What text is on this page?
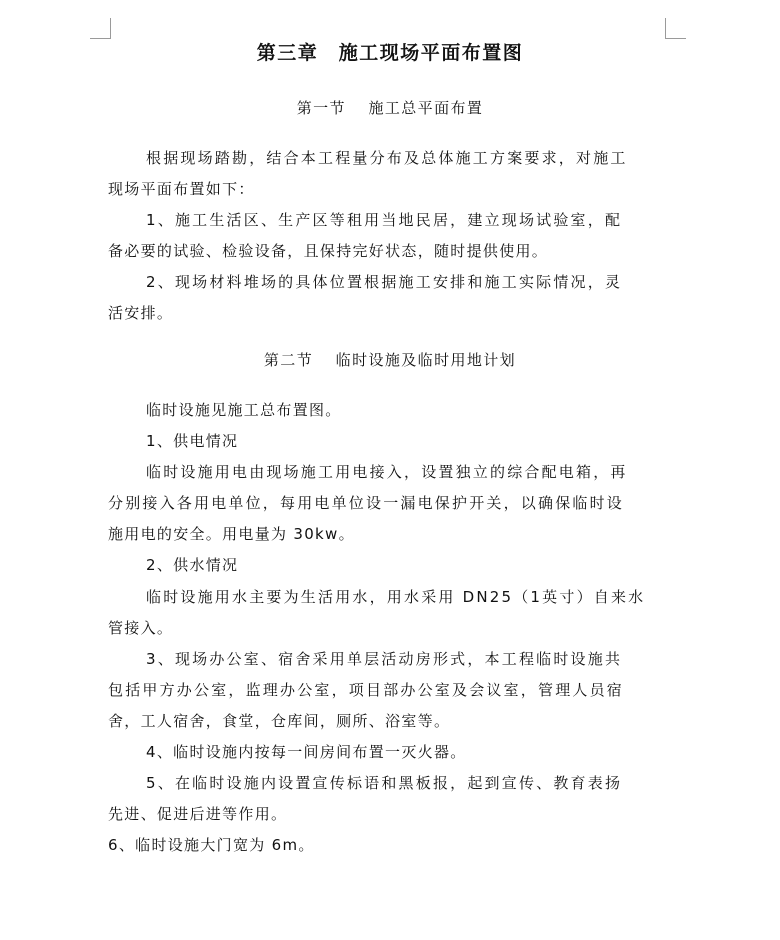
第三章　施工现场平面布置图
第一节　 施工总平面布置
根据现场踏勘，结合本工程量分布及总体施工方案要求，对施工
现场平面布置如下：
1、施工生活区、生产区等租用当地民居，建立现场试验室，配
备必要的试验、检验设备，且保持完好状态，随时提供使用。
2、现场材料堆场的具体位置根据施工安排和施工实际情况，灵
活安排。
第二节　 临时设施及临时用地计划
临时设施见施工总布置图。
1、供电情况
临时设施用电由现场施工用电接入，设置独立的综合配电箱，再
分别接入各用电单位，每用电单位设一漏电保护开关，以确保临时设
施用电的安全。用电量为 30kw。
2、供水情况
临时设施用水主要为生活用水，用水采用 DN25（1英寸）自来水
管接入。
3、现场办公室、宿舍采用单层活动房形式，本工程临时设施共
包括甲方办公室，监理办公室，项目部办公室及会议室，管理人员宿
舍，工人宿舍，食堂，仓库间，厕所、浴室等。
4、临时设施内按每一间房间布置一灭火器。
5、在临时设施内设置宣传标语和黑板报，起到宣传、教育表扬
先进、促进后进等作用。
6、临时设施大门宽为 6m。
